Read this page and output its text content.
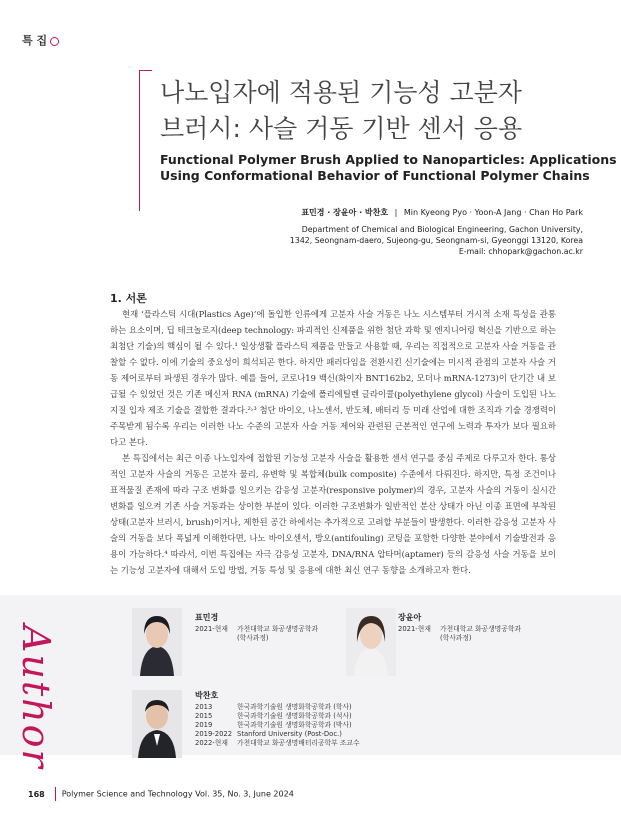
특 집
나노입자에 적용된 기능성 고분자
브러시: 사슬 거동 기반 센서 응용
Functional Polymer Brush Applied to Nanoparticles: Applications
Using Conformational Behavior of Functional Polymer Chains
표민경 · 장윤아 · 박찬호 | Min Kyeong Pyo · Yoon-A Jang · Chan Ho Park
Department of Chemical and Biological Engineering, Gachon University,
1342, Seongnam-daero, Sujeong-gu, Seongnam-si, Gyeonggi 13120, Korea
E-mail: chhopark@gachon.ac.kr
1. 서론

현재 ‘플라스틱 시대(Plastics Age)’에 돌입한 인류에게 고분자 사슬 거동은 나노 시스템부터 거시적 소재 특성을 관통하는 요소이며, 딥 테크놀로지(deep technology: 파괴적인 신제품을 위한 첨단 과학 및 엔지니어링 혁신을 기반으로 하는 최첨단 기술)의 핵심이 될 수 있다.¹ 일상생활 플라스틱 제품을 만들고 사용할 때, 우리는 직접적으로 고분자 사슬 거동을 관찰할 수 없다. 이에 기술의 중요성이 희석되곤 한다. 하지만 패러다임을 전환시킨 신기술에는 미시적 관점의 고분자 사슬 거동 제어로부터 파생된 경우가 많다. 예를 들어, 코로나19 백신(화이자 BNT162b2, 모더나 mRNA-1273)이 단기간 내 보급될 수 있었던 것은 기존 메신저 RNA (mRNA) 기술에 폴리에틸렌 글라이콜(polyethylene glycol) 사슬이 도입된 나노 지질 입자 제조 기술을 결합한 결과다.²˒³ 첨단 바이오, 나노센서, 반도체, 배터리 등 미래 산업에 대한 조직과 기술 경쟁력이 주목받게 됨수록 우리는 이러한 나노 수준의 고분자 사슬 거동 제어와 관련된 근본적인 연구에 노력과 투자가 보다 필요하다고 본다.

본 특집에서는 최근 이종 나노입자에 접합된 기능성 고분자 사슬을 활용한 센서 연구를 중심 주제로 다루고자 한다. 통상적인 고분자 사슬의 거동은 고분자 물리, 유변학 및 복합체(bulk composite) 수준에서 다뤄진다. 하지만, 특정 조건이나 표적물질 존재에 따라 구조 변화를 일으키는 감응성 고분자(responsive polymer)의 경우, 고분자 사슬의 거동이 실시간 변화를 일으켜 기존 사슬 거동과는 상이한 부분이 있다. 이러한 구조변화가 일반적인 분산 상태가 아닌 이종 표면에 부착된 상태(고분자 브러시, brush)이거나, 제한된 공간 하에서는 추가적으로 고려할 부분들이 발생한다. 이러한 감응성 고분자 사슬의 거동을 보다 폭넓게 이해한다면, 나노 바이오센서, 방오(antifouling) 코팅을 포함한 다양한 분야에서 기술발전과 응용이 가능하다.⁴ 따라서, 이번 특집에는 자극 감응성 고분자, DNA/RNA 압타머(aptamer) 등의 감응성 사슬 거동을 보이는 기능성 고분자에 대해서 도입 방법, 거동 특성 및 응용에 대한 최신 연구 동향을 소개하고자 한다.

Author
표민경
2021-현재 가천대학교 화공생명공학과
(학사과정)
장윤아
2021-현재 가천대학교 화공생명공학과
(학사과정)
박찬호
2013	한국과학기술원 생명화학공학과 (학사)
2015	한국과학기술원 생명화학공학과 (석사)
2019	한국과학기술원 생명화학공학과 (박사)
2019-2022 Stanford University (Post-Doc.)
2022-현재 가천대학교 화공생명배터리공학부 조교수
168 Polymer Science and Technology Vol. 35, No. 3, June 2024
